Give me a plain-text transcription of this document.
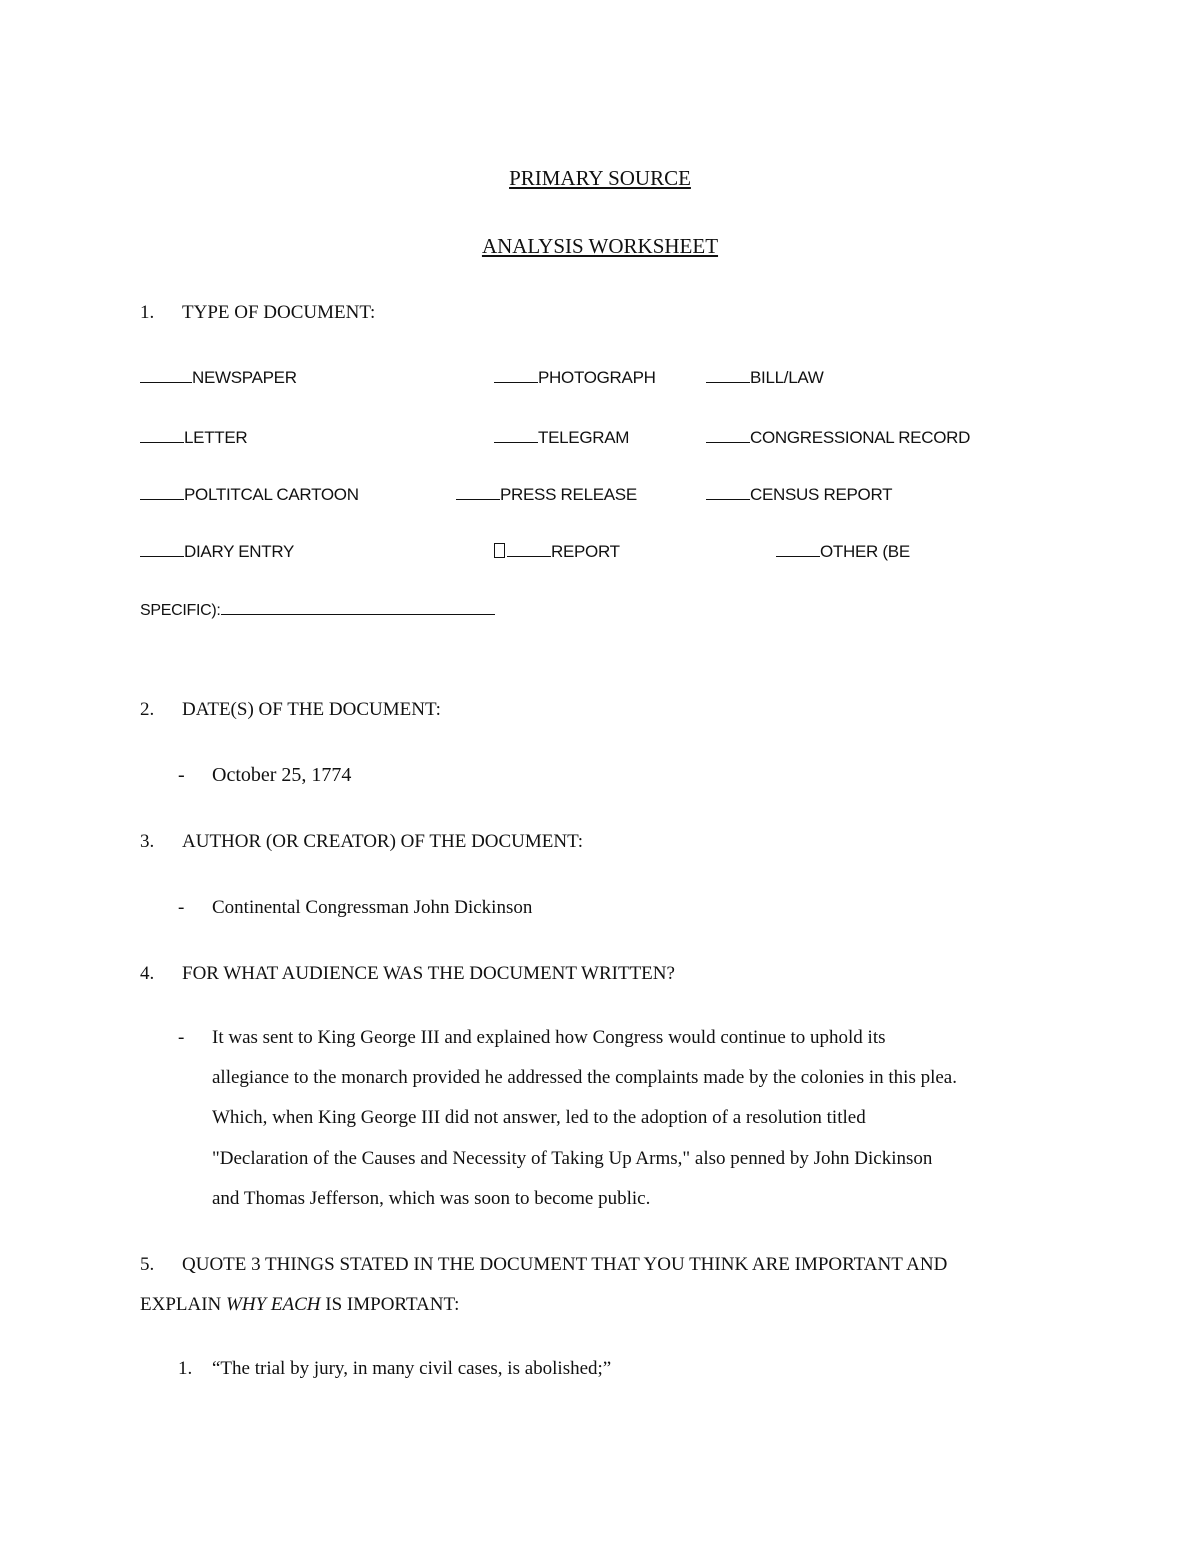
PRIMARY SOURCE
ANALYSIS WORKSHEET
1. TYPE OF DOCUMENT:
NEWSPAPER	PHOTOGRAPH	BILL/LAW
LETTER	TELEGRAM	CONGRESSIONAL RECORD
POLTITCAL CARTOON	PRESS RELEASE	CENSUS REPORT
DIARY ENTRY	REPORT	OTHER (BE
SPECIFIC):
2. DATE(S) OF THE DOCUMENT:
- October 25, 1774
3. AUTHOR (OR CREATOR) OF THE DOCUMENT:
- Continental Congressman John Dickinson
4. FOR WHAT AUDIENCE WAS THE DOCUMENT WRITTEN?
-	It was sent to King George III and explained how Congress would continue to uphold its
allegiance to the monarch provided he addressed the complaints made by the colonies in this plea.
Which, when King George III did not answer, led to the adoption of a resolution titled
"Declaration of the Causes and Necessity of Taking Up Arms," also penned by John Dickinson
and Thomas Jefferson, which was soon to become public.
5. QUOTE 3 THINGS STATED IN THE DOCUMENT THAT YOU THINK ARE IMPORTANT AND
EXPLAIN WHY EACH IS IMPORTANT:
1. “The trial by jury, in many civil cases, is abolished;”
